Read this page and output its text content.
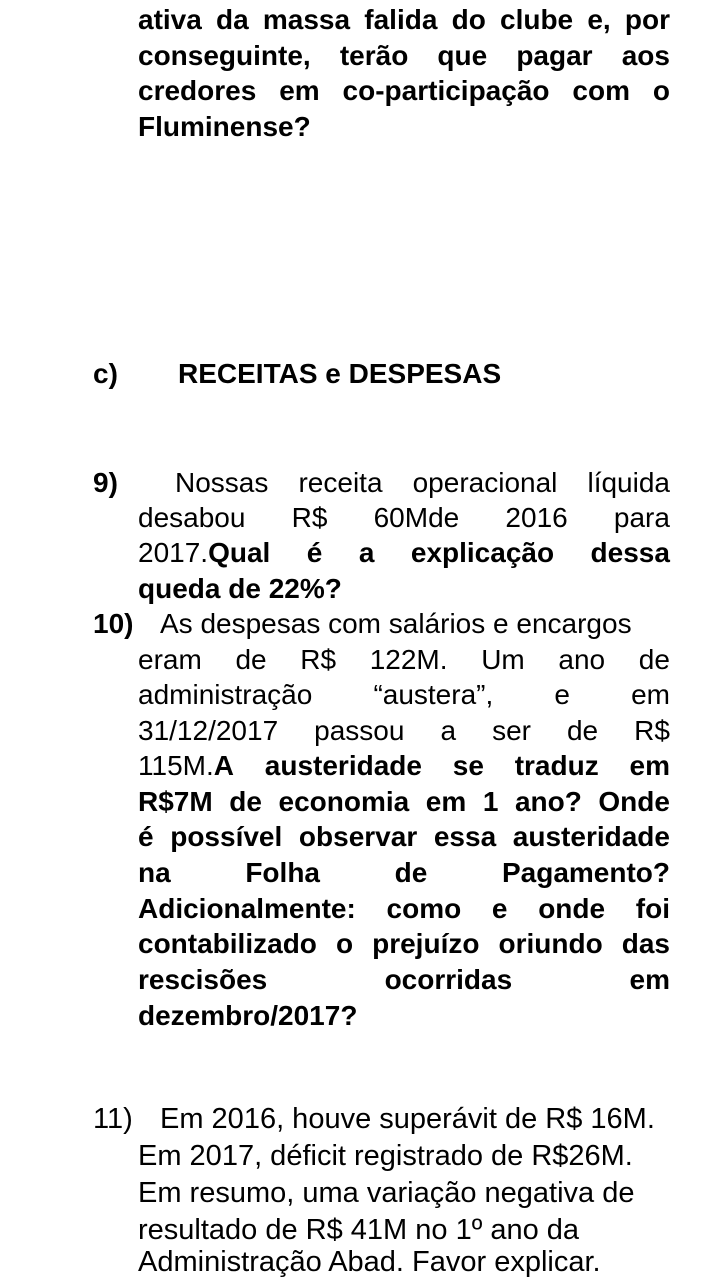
ativa da massa falida do clube e, por
conseguinte, terão que pagar aos
credores em co-participação com o
Fluminense?
c) RECEITAS e DESPESAS
9) Nossas receita operacional líquida
desabou R$ 60Mde 2016 para
2017. Qual é a explicação dessa
queda de 22%?
10) As despesas com salários e encargos
eram de R$ 122M. Um ano de
administração “austera”, e em
31/12/2017 passou a ser de R$
115M. A austeridade se traduz em
R$7M de economia em 1 ano? Onde
é possível observar essa austeridade
na	Folha	de	Pagamento?
Adicionalmente: como e onde foi
contabilizado o prejuízo oriundo das
rescisões	ocorridas	em
dezembro/2017?
11) Em 2016, houve superávit de R$ 16M.
Em 2017, déficit registrado de R$26M.
Em resumo, uma variação negativa de
resultado de R$ 41M no 1º ano da
Administração Abad. Favor explicar.
